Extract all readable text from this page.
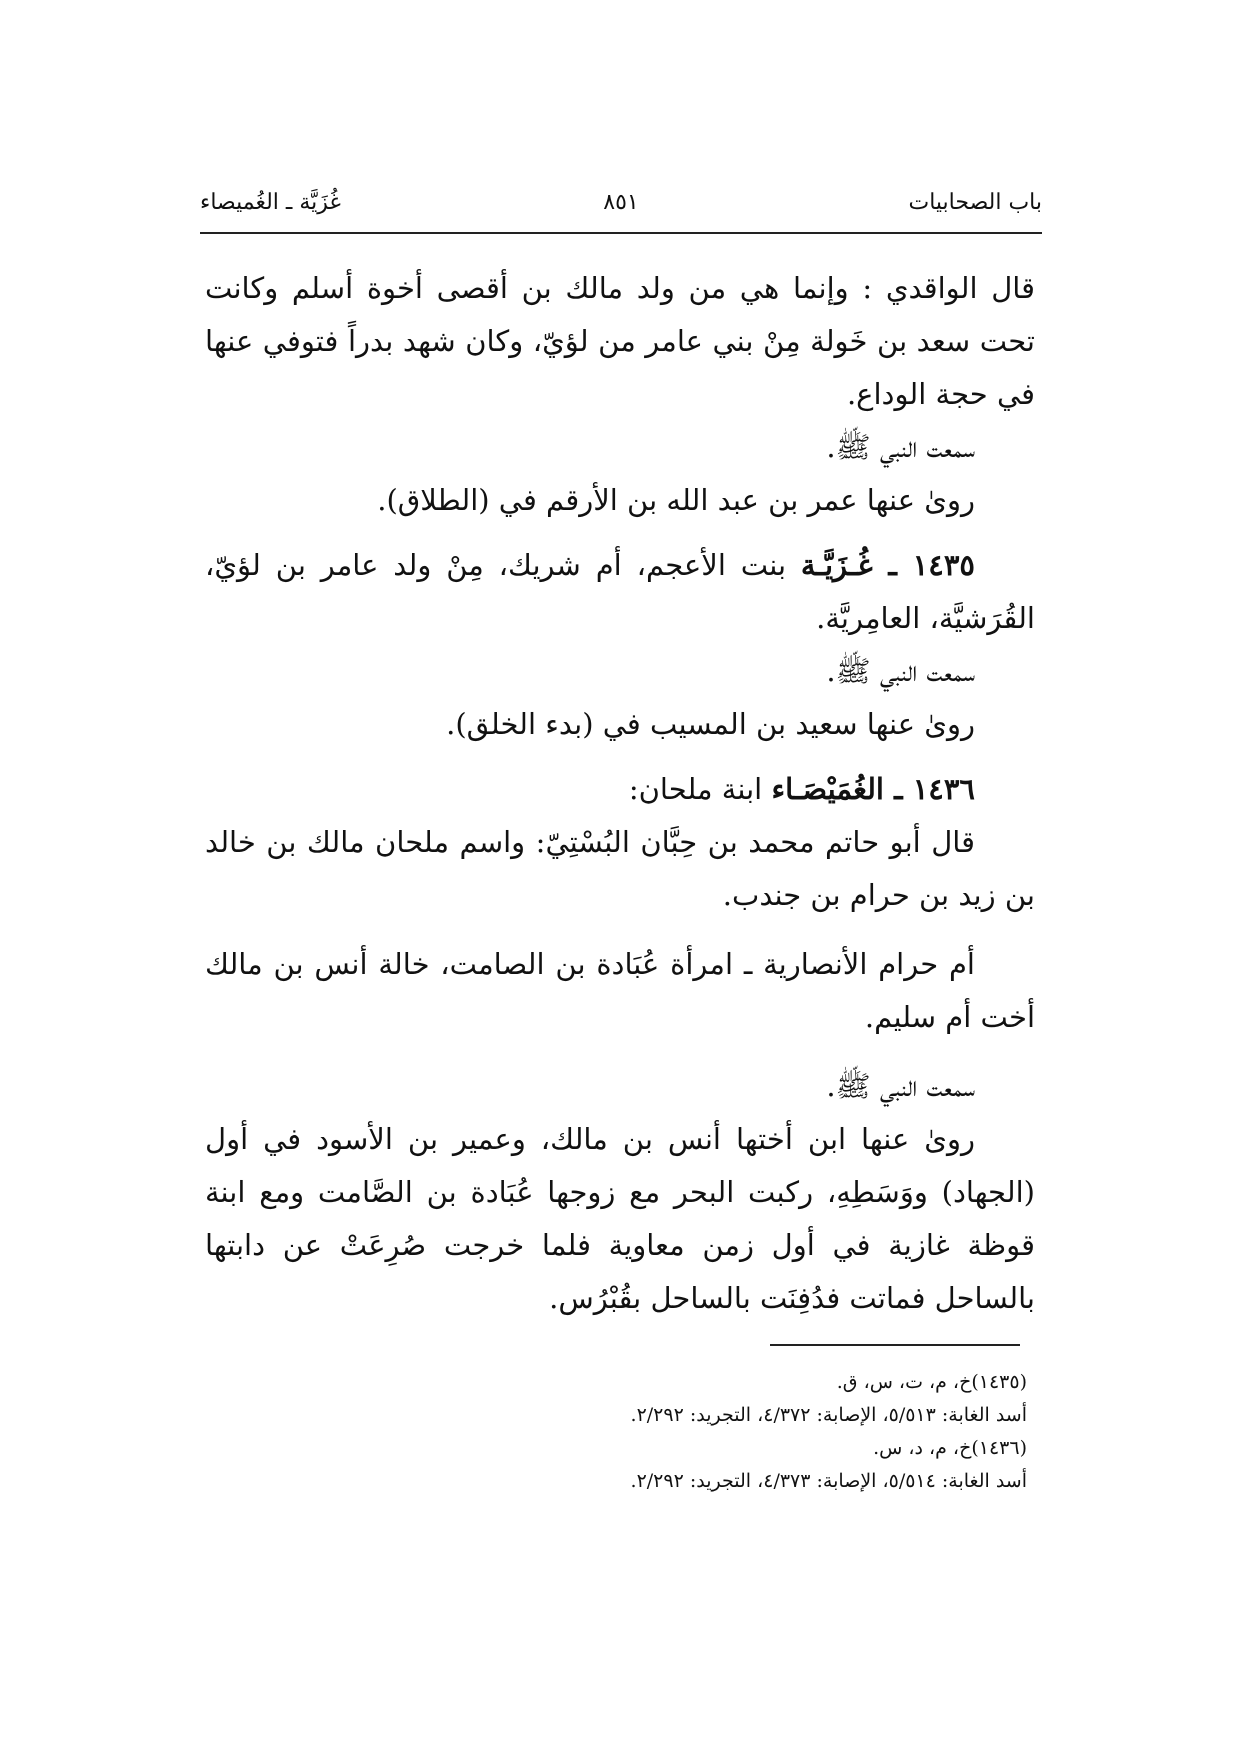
باب الصحابيات
٨٥١
غُزَيَّة ـ الغُميصاء

قال الواقدي : وإنما هي من ولد مالك بن أقصى أخوة أسلم وكانت تحت سعد بن خَولة مِنْ بني عامر من لؤيّ، وكان شهد بدراً فتوفي عنها في حجة الوداع.

سمعت النبي ﷺ.

روىٰ عنها عمر بن عبد الله بن الأرقم في (الطلاق).

١٤٣٥ ـ غُـزَيَّـة بنت الأعجم، أم شريك، مِنْ ولد عامر بن لؤيّ، القُرَشيَّة، العامِريَّة.

سمعت النبي ﷺ.

روىٰ عنها سعيد بن المسيب في (بدء الخلق).

١٤٣٦ ـ الغُمَيْصَـاء ابنة ملحان:

قال أبو حاتم محمد بن حِبَّان البُسْتِيّ: واسم ملحان مالك بن خالد بن زيد بن حرام بن جندب.

أم حرام الأنصارية ـ امرأة عُبَادة بن الصامت، خالة أنس بن مالك أخت أم سليم.

سمعت النبي ﷺ.

روىٰ عنها ابن أختها أنس بن مالك، وعمير بن الأسود في أول (الجهاد) ووَسَطِهِ، ركبت البحر مع زوجها عُبَادة بن الصَّامت ومع ابنة قوظة غازية في أول زمن معاوية فلما خرجت صُرِعَتْ عن دابتها بالساحل فماتت فدُفِنَت بالساحل بقُبْرُس.

(١٤٣٥)خ، م، ت، س، ق.
أسد الغابة: ٥/٥١٣، الإصابة: ٤/٣٧٢، التجريد: ٢/٢٩٢.
(١٤٣٦)خ، م، د، س.
أسد الغابة: ٥/٥١٤، الإصابة: ٤/٣٧٣، التجريد: ٢/٢٩٢.
